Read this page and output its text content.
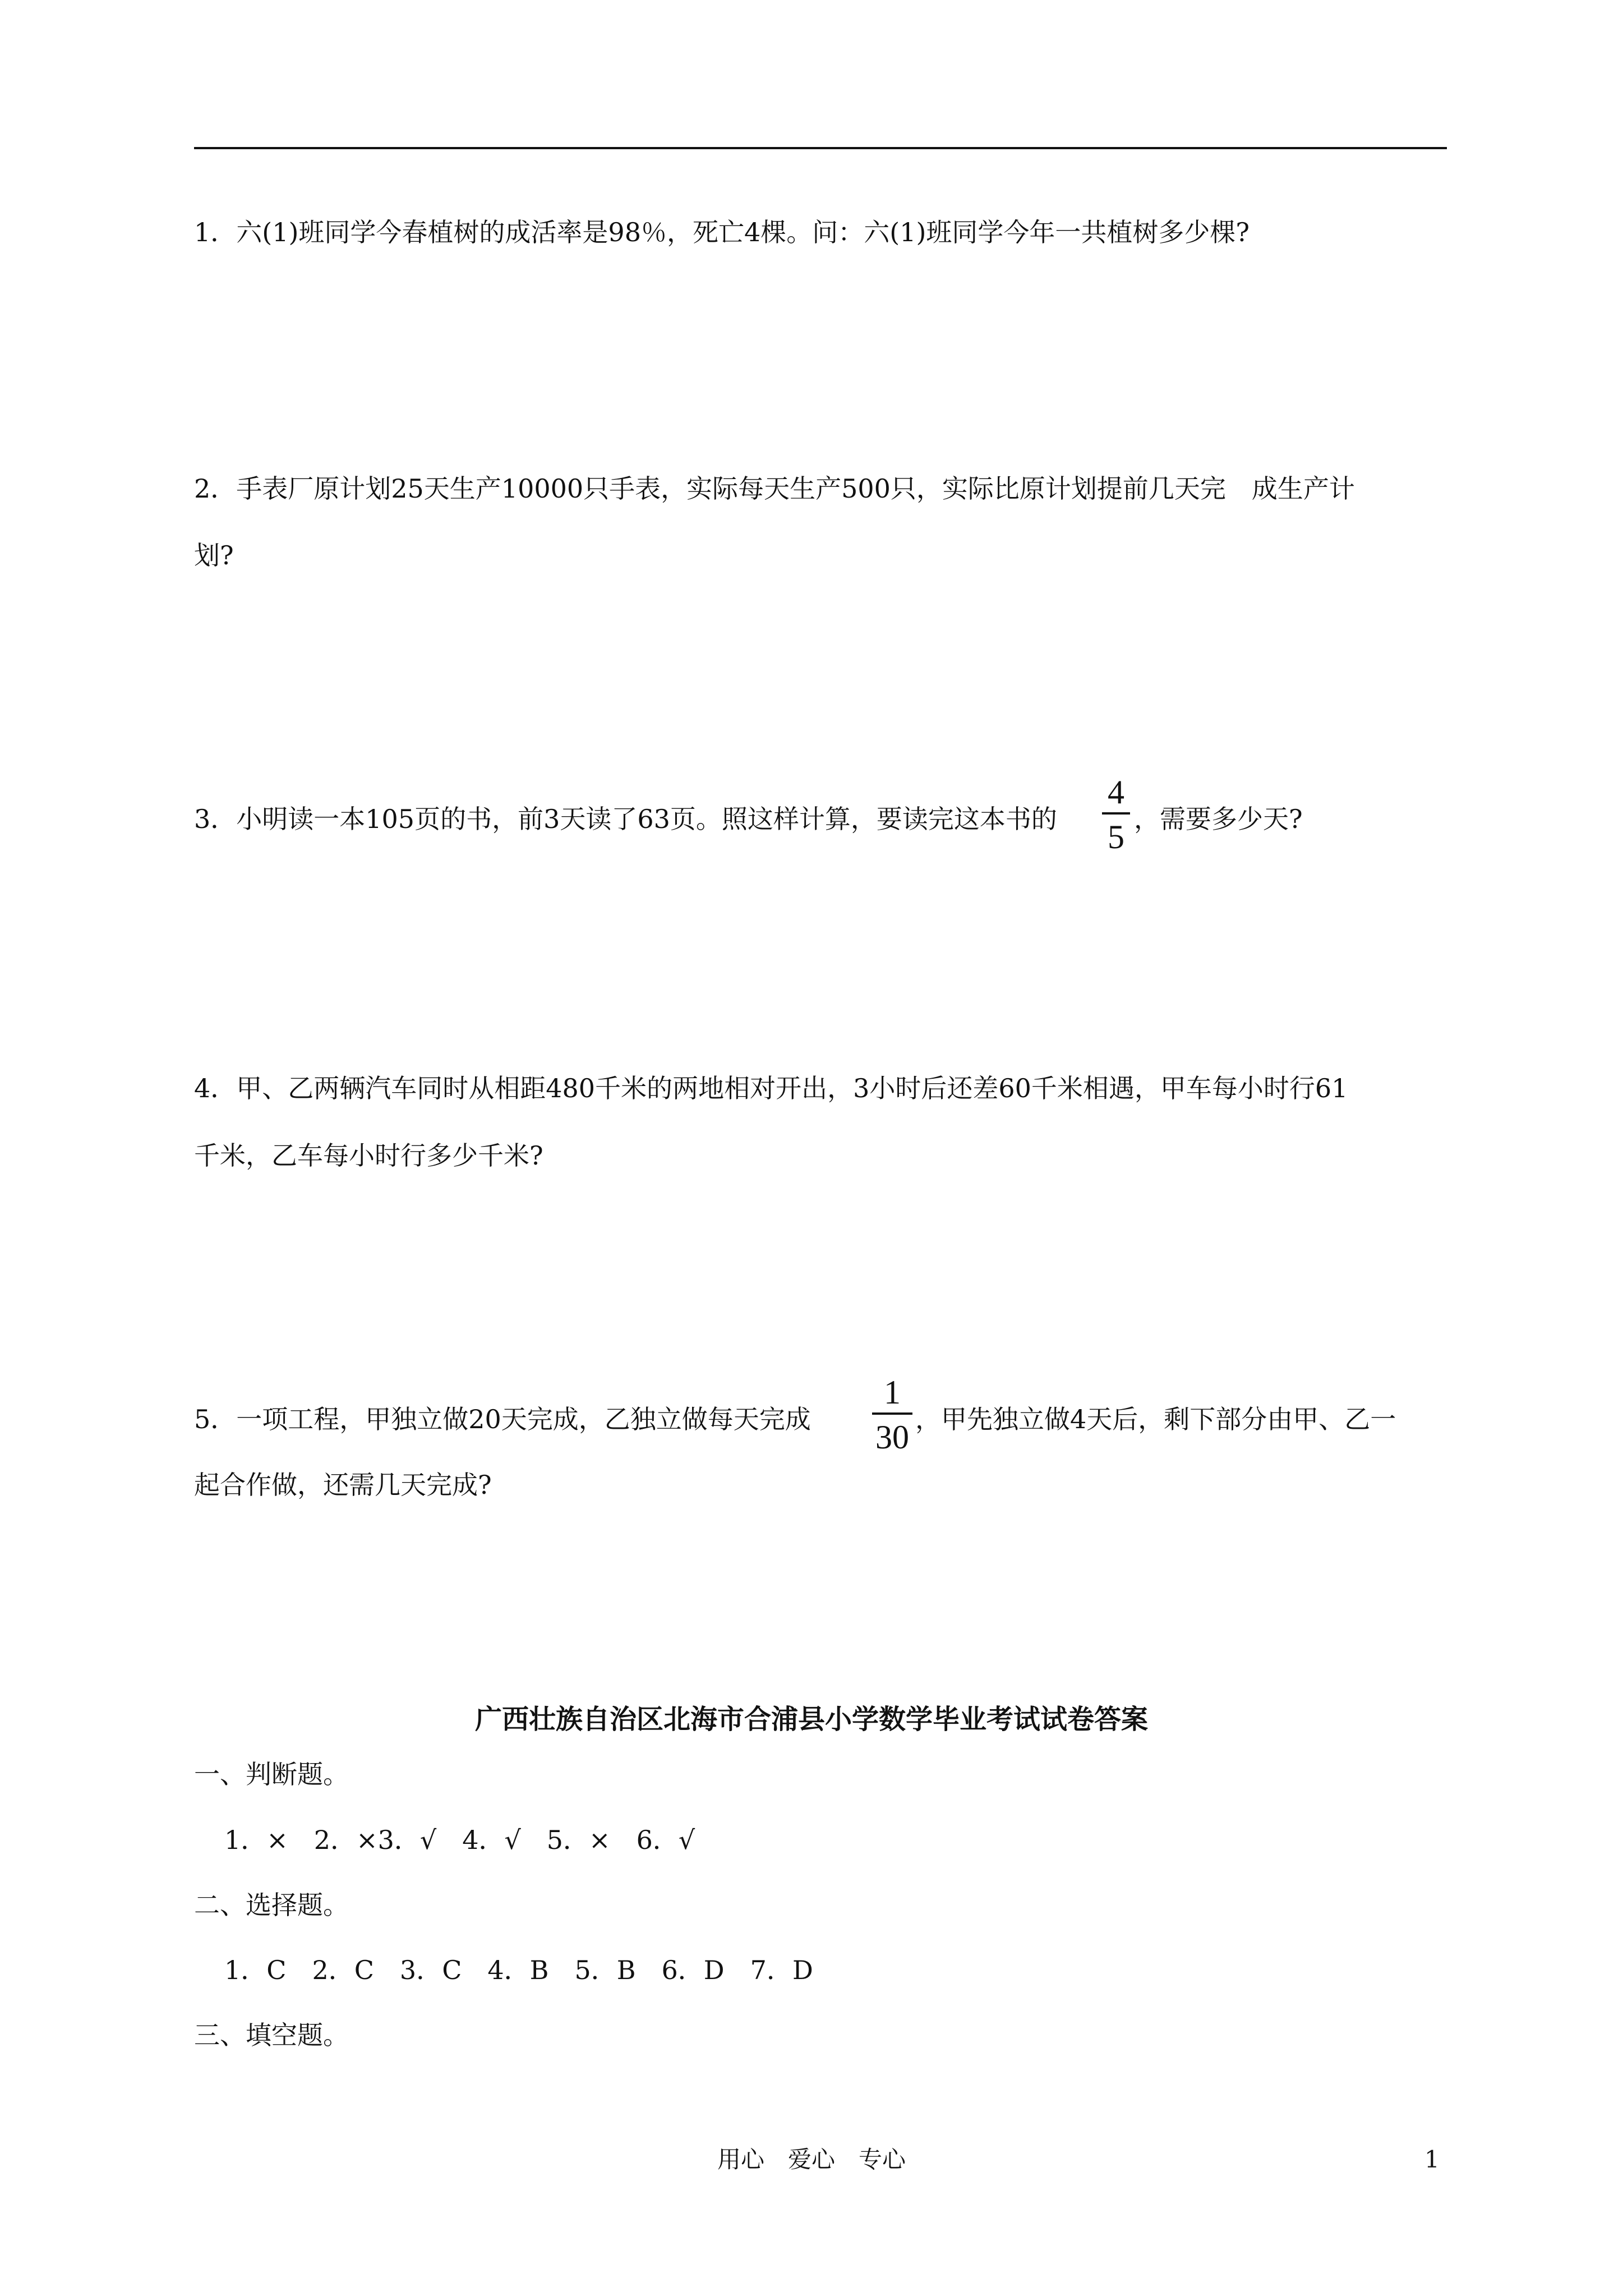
1．六(1)班同学今春植树的成活率是98％，死亡4棵。问：六(1)班同学今年一共植树多少棵?
2．手表厂原计划25天生产10000只手表，实际每天生产500只，实际比原计划提前几天完　成生产计
划?
3．小明读一本105页的书，前3天读了63页。照这样计算，要读完这本书的
4
5 ，需要多少天?
4．甲、乙两辆汽车同时从相距480千米的两地相对开出，3小时后还差60千米相遇，甲车每小时行61
千米，乙车每小时行多少千米?
5．一项工程，甲独立做20天完成，乙独立做每天完成
1
30 ，甲先独立做4天后，剩下部分由甲、乙一
起合作做，还需几天完成?
广西壮族自治区北海市合浦县小学数学毕业考试试卷答案
一、判断题。
1．×　2．×3．√　4．√　5．×　6．√
二、选择题。
1．C　2．C　3．C　4．B　5．B　6．D　7．D
三、填空题。
用心　爱心　专心	1
